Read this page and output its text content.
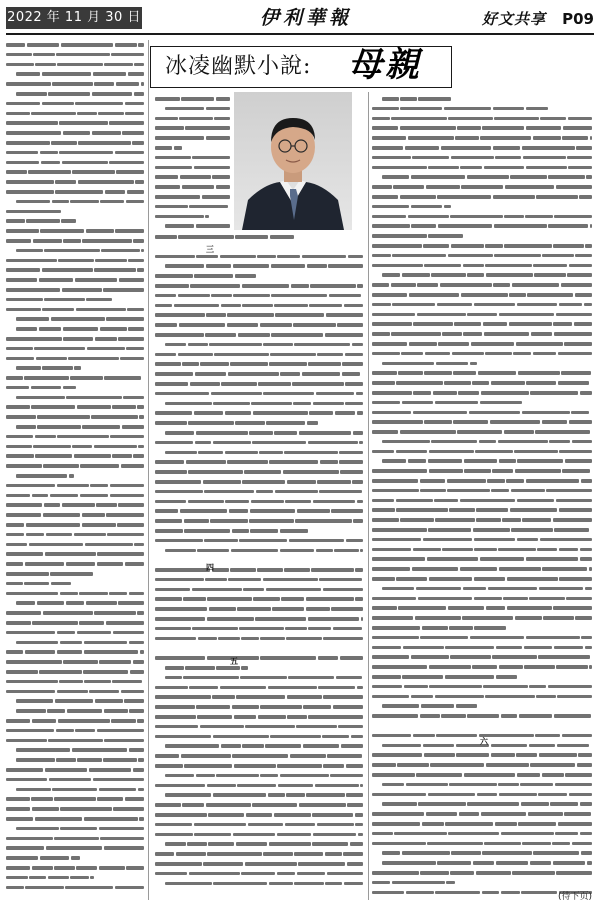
2022 年 11 月 30 日	伊利華報	好文共享 P09
冰凌幽默小說: 母親
三
四
五
六
(待下页)
